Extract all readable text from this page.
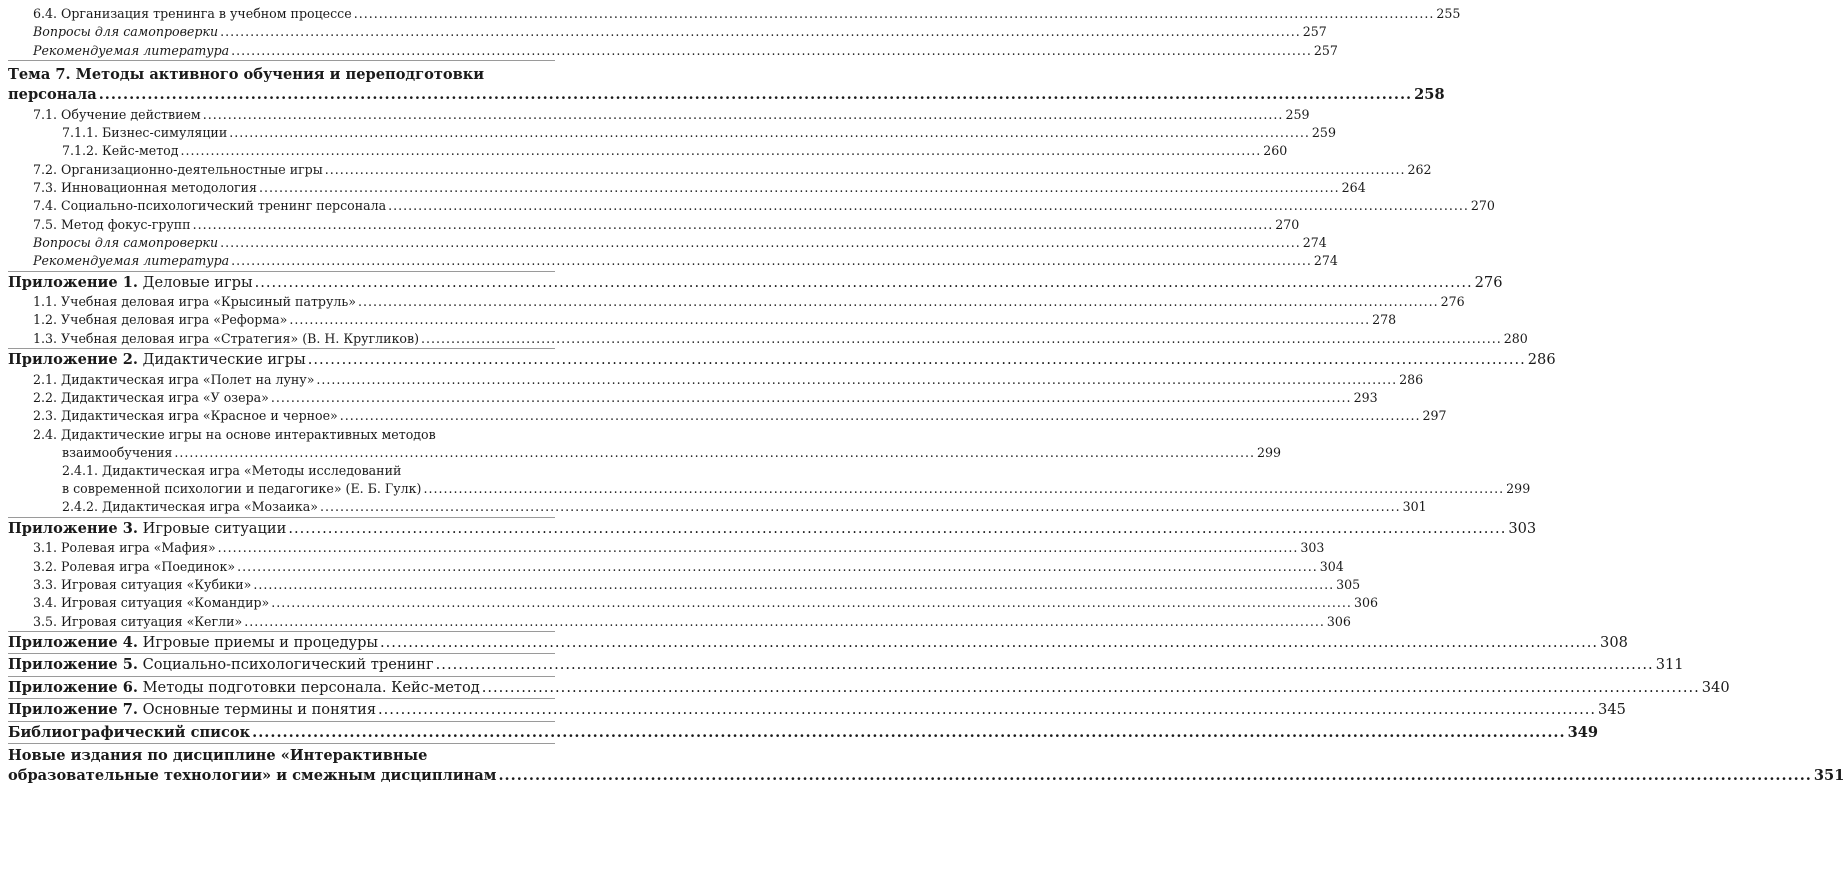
6.4. Организация тренинга в учебном процессе .....	255
Вопросы для самопроверки .....	257
Рекомендуемая литература .....	257
Тема 7. Методы активного обучения и переподготовки
персонала .....	258
7.1. Обучение действием .....	259
7.1.1. Бизнес-симуляции .....	259
7.1.2. Кейс-метод .....	260
7.2. Организационно-деятельностные игры .....	262
7.3. Инновационная методология .....	264
7.4. Социально-психологический тренинг персонала .....	270
7.5. Метод фокус-групп .....	270
Вопросы для самопроверки .....	274
Рекомендуемая литература .....	274
Приложение 1. Деловые игры .....	276
1.1. Учебная деловая игра «Крысиный патруль» .....	276
1.2. Учебная деловая игра «Реформа» .....	278
1.3. Учебная деловая игра «Стратегия» (В. Н. Кругликов) .....	280
Приложение 2. Дидактические игры .....	286
2.1. Дидактическая игра «Полет на луну» .....	286
2.2. Дидактическая игра «У озера» .....	293
2.3. Дидактическая игра «Красное и черное» .....	297
2.4. Дидактические игры на основе интерактивных методов
взаимообучения .....	299
2.4.1. Дидактическая игра «Методы исследований
в современной психологии и педагогике» (Е. Б. Гулк) .....	299
2.4.2. Дидактическая игра «Мозаика» .....	301
Приложение 3. Игровые ситуации .....	303
3.1. Ролевая игра «Мафия» .....	303
3.2. Ролевая игра «Поединок» .....	304
3.3. Игровая ситуация «Кубики» .....	305
3.4. Игровая ситуация «Командир» .....	306
3.5. Игровая ситуация «Кегли» .....	306
Приложение 4. Игровые приемы и процедуры .....	308
Приложение 5. Социально-психологический тренинг .....	311
Приложение 6. Методы подготовки персонала. Кейс-метод .....	340
Приложение 7. Основные термины и понятия .....	345
Библиографический список .....	349
Новые издания по дисциплине «Интерактивные
образовательные технологии» и смежным дисциплинам .....	351
